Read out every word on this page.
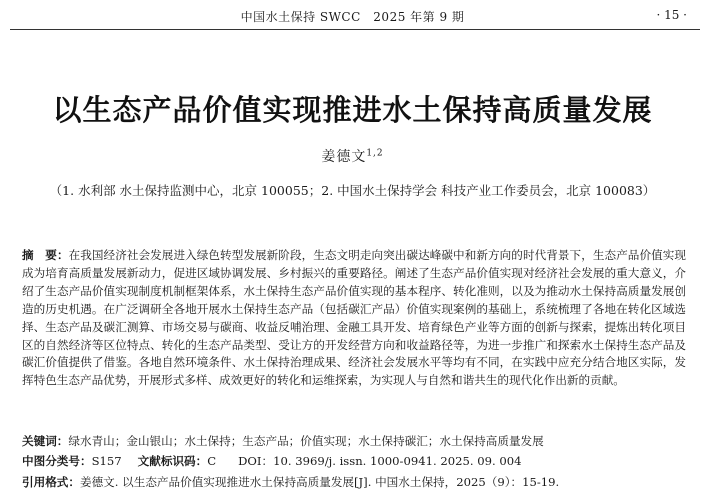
中国水土保持 SWCC　2025 年第 9 期	· 15 ·
以生态产品价值实现推进水土保持高质量发展
姜德文$^{1,2}$
（1. 水利部 水土保持监测中心，北京 100055；2. 中国水土保持学会 科技产业工作委员会，北京 100083）

摘　要：在我国经济社会发展进入绿色转型发展新阶段，生态文明走向突出碳达峰碳中和新方向的时代背景下，生态产品价值实现成为培育高质量发展新动力，促进区域协调发展、乡村振兴的重要路径。阐述了生态产品价值实现对经济社会发展的重大意义，介绍了生态产品价值实现制度机制框架体系，水土保持生态产品价值实现的基本程序、转化准则，以及为推动水土保持高质量发展创造的历史机遇。在广泛调研全各地开展水土保持生态产品（包括碳汇产品）价值实现案例的基础上，系统梳理了各地在转化区域选择、生态产品及碳汇测算、市场交易与碳商、收益反哺治理、金融工具开发、培育绿色产业等方面的创新与探索，提炼出转化项目区的自然经济等区位特点、转化的生态产品类型、受让方的开发经营方向和收益路径等，为进一步推广和探索水土保持生态产品及碳汇价值提供了借鉴。各地自然环境条件、水土保持治理成果、经济社会发展水平等均有不同，在实践中应充分结合地区实际，发挥特色生态产品优势，开展形式多样、成效更好的转化和运维探索，为实现人与自然和谐共生的现代化作出新的贡献。

关键词：绿水青山；金山银山；水土保持；生态产品；价值实现；水土保持碳汇；水土保持高质量发展
中图分类号：S157 文献标识码：C DOI：10. 3969/j. issn. 1000-0941. 2025. 09. 004
引用格式：姜德文. 以生态产品价值实现推进水土保持高质量发展[J]. 中国水土保持，2025（9）：15-19.
